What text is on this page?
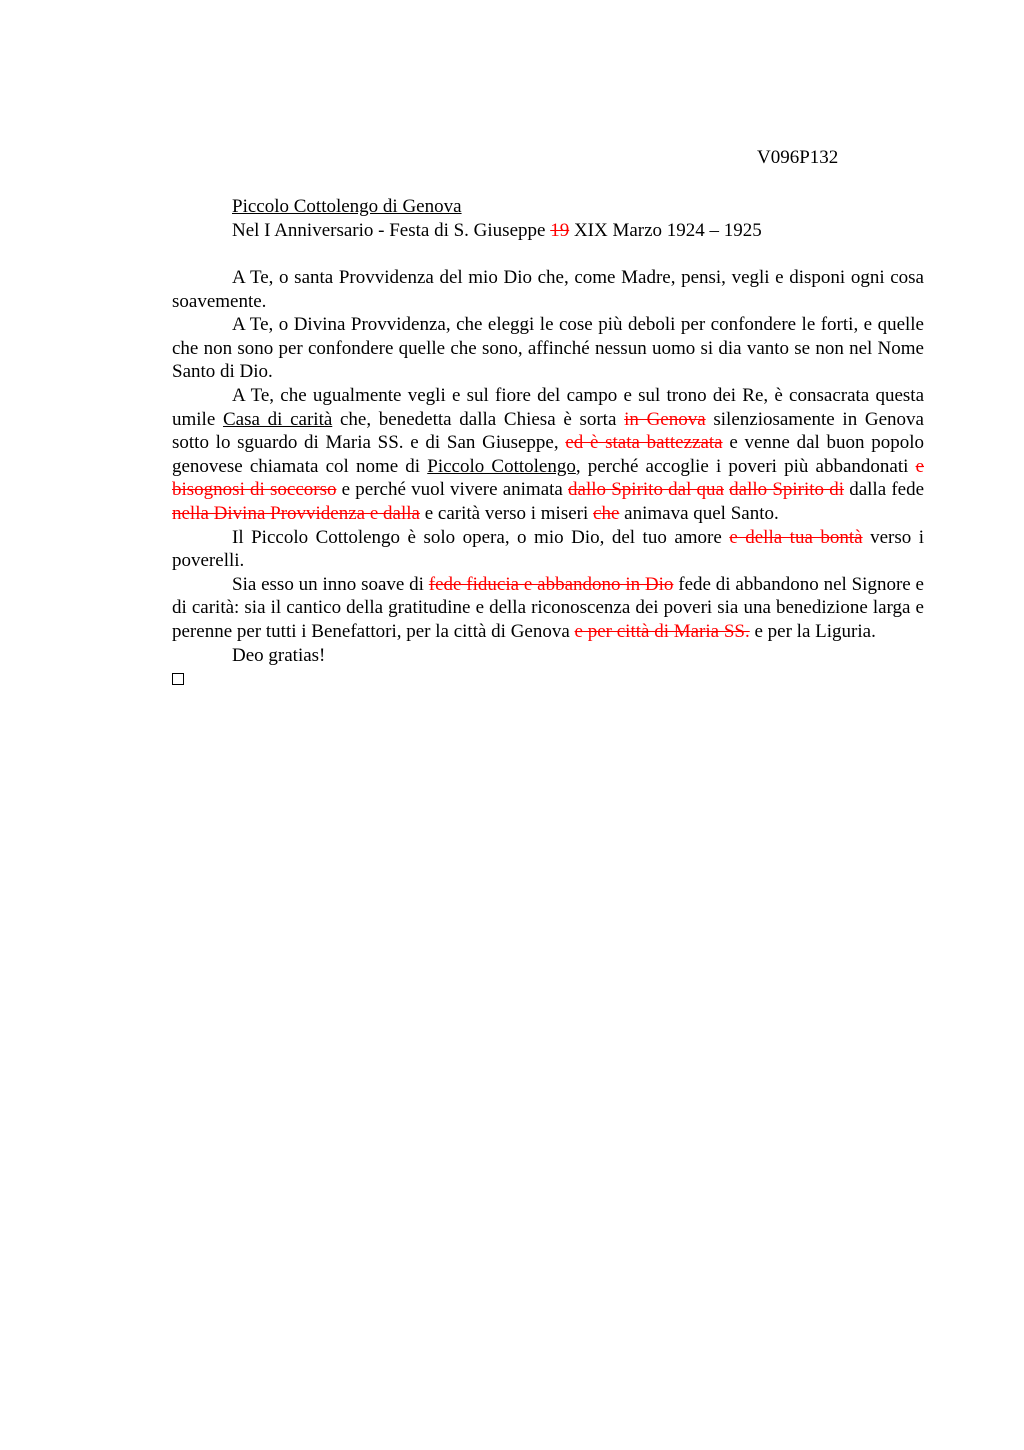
V096P132
Piccolo Cottolengo di Genova
Nel I Anniversario - Festa di S. Giuseppe 19 XIX Marzo 1924 – 1925

A Te, o santa Provvidenza del mio Dio che, come Madre, pensi, vegli e disponi ogni cosa soavemente.

A Te, o Divina Provvidenza, che eleggi le cose più deboli per confondere le forti, e quelle che non sono per confondere quelle che sono, affinché nessun uomo si dia vanto se non nel Nome Santo di Dio.

A Te, che ugualmente vegli e sul fiore del campo e sul trono dei Re, è consacrata questa umile Casa di carità che, benedetta dalla Chiesa è sorta in Genova silenziosamente in Genova sotto lo sguardo di Maria SS. e di San Giuseppe, ed è stata battezzata e venne dal buon popolo genovese chiamata col nome di Piccolo Cottolengo, perché accoglie i poveri più abbandonati e bisognosi di soccorso e perché vuol vivere animata dallo Spirito dal qua dallo Spirito di dalla fede nella Divina Provvidenza e dalla e carità verso i miseri che animava quel Santo.

Il Piccolo Cottolengo è solo opera, o mio Dio, del tuo amore e della tua bontà verso i poverelli.

Sia esso un inno soave di fede fiducia e abbandono in Dio fede di abbandono nel Signore e di carità: sia il cantico della gratitudine e della riconoscenza dei poveri sia una benedizione larga e perenne per tutti i Benefattori, per la città di Genova e per città di Maria SS. e per la Liguria.

Deo gratias!
